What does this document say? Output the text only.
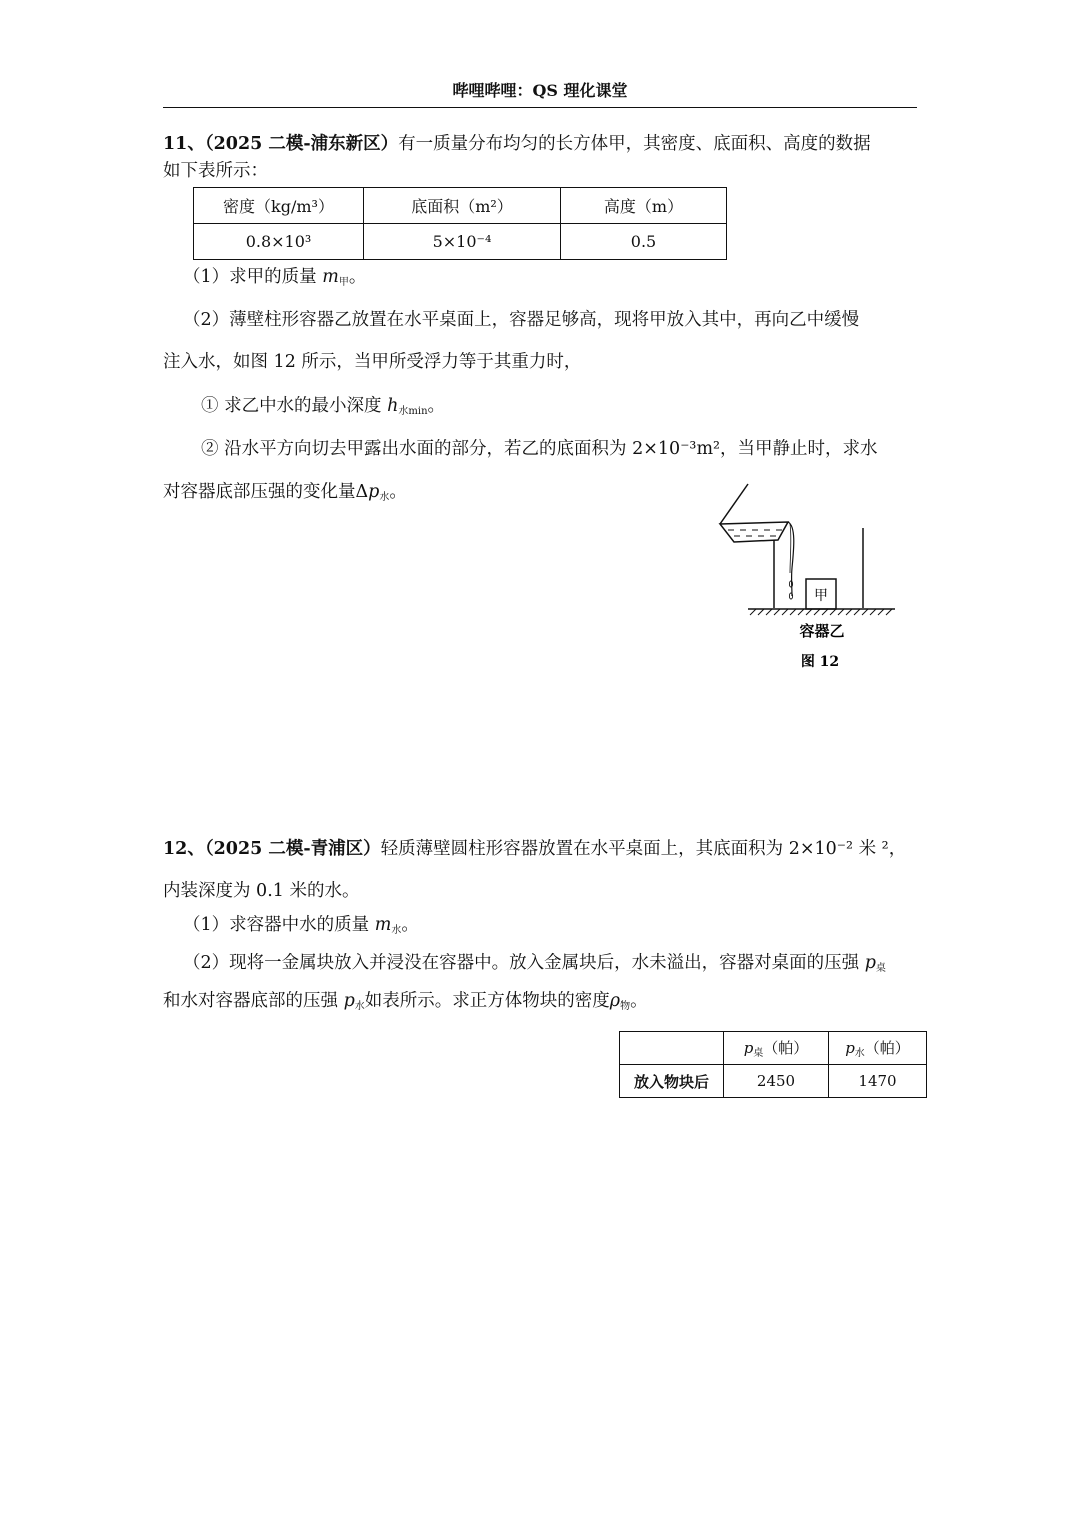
哔哩哔哩：QS 理化课堂
11、（2025 二模-浦东新区）有一质量分布均匀的长方体甲，其密度、底面积、高度的数据
如下表所示：
密度（kg/m³）	底面积（m²）	高度（m）
0.8×10³	5×10⁻⁴	0.5
（1）求甲的质量 m甲。
（2）薄壁柱形容器乙放置在水平桌面上，容器足够高，现将甲放入其中，再向乙中缓慢
注入水，如图 12 所示，当甲所受浮力等于其重力时，
① 求乙中水的最小深度 h水min。
② 沿水平方向切去甲露出水面的部分，若乙的底面积为 2×10⁻³m²，当甲静止时，求水
对容器底部压强的变化量Δp水。
甲
容器乙
图 12
12、（2025 二模-青浦区）轻质薄壁圆柱形容器放置在水平桌面上，其底面积为 2×10⁻² 米 ²，
内装深度为 0.1 米的水。
（1）求容器中水的质量 m水。
（2）现将一金属块放入并浸没在容器中。放入金属块后，水未溢出，容器对桌面的压强 p桌
和水对容器底部的压强 p水如表所示。求正方体物块的密度ρ物。
	$p_桌$（帕）	$p_水$（帕）
放入物块后	2450	1470
